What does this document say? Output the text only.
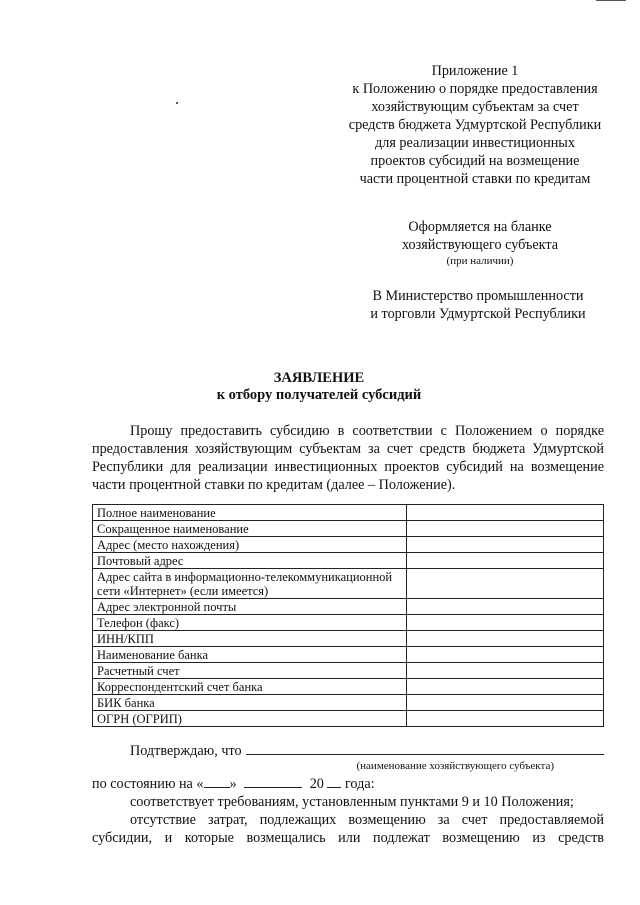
Приложение 1
к Положению о порядке предоставления
хозяйствующим субъектам за счет
средств бюджета Удмуртской Республики
для реализации инвестиционных
проектов субсидий на возмещение
части процентной ставки по кредитам
Оформляется на бланке
хозяйствующего субъекта
(при наличии)
В Министерство промышленности
и торговли Удмуртской Республики
ЗАЯВЛЕНИЕ
к отбору получателей субсидий
Прошу предоставить субсидию в соответствии с Положением о порядке предоставления хозяйствующим субъектам за счет средств бюджета Удмуртской Республики для реализации инвестиционных проектов субсидий на возмещение части процентной ставки по кредитам (далее – Положение).
Полное наименование	
Сокращенное наименование	
Адрес (место нахождения)	
Почтовый адрес	
Адрес сайта в информационно-телекоммуникационной сети «Интернет» (если имеется)	
Адрес электронной почты	
Телефон (факс)	
ИНН/КПП	
Наименование банка	
Расчетный счет	
Корреспондентский счет банка	
БИК банка	
ОГРН (ОГРИП)	
Подтверждаю, что
(наименование хозяйствующего субъекта)
по состоянию на « »	20 года:
соответствует требованиям, установленным пунктами 9 и 10 Положения;
отсутствие затрат, подлежащих возмещению за счет предоставляемой
субсидии, и которые возмещались или подлежат возмещению из средств
